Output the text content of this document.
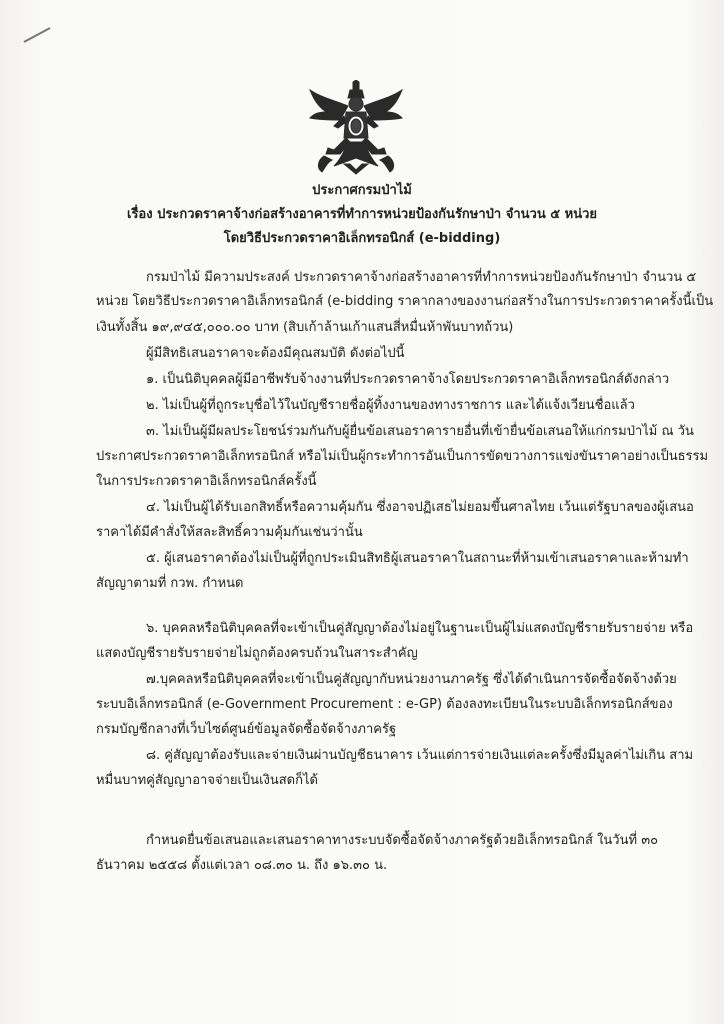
ประกาศกรมป่าไม้
เรื่อง ประกวดราคาจ้างก่อสร้างอาคารที่ทำการหน่วยป้องกันรักษาป่า จำนวน ๕ หน่วย
โดยวิธีประกวดราคาอิเล็กทรอนิกส์ (e-bidding)
กรมป่าไม้ มีความประสงค์ ประกวดราคาจ้างก่อสร้างอาคารที่ทำการหน่วยป้องกันรักษาป่า จำนวน ๕
หน่วย โดยวิธีประกวดราคาอิเล็กทรอนิกส์ (e-bidding ราคากลางของงานก่อสร้างในการประกวดราคาครั้งนี้เป็น
เงินทั้งสิ้น ๑๙,๙๔๕,๐๐๐.๐๐ บาท (สิบเก้าล้านเก้าแสนสี่หมื่นห้าพันบาทถ้วน)
ผู้มีสิทธิเสนอราคาจะต้องมีคุณสมบัติ ดังต่อไปนี้
๑. เป็นนิติบุคคลผู้มีอาชีพรับจ้างงานที่ประกวดราคาจ้างโดยประกวดราคาอิเล็กทรอนิกส์ดังกล่าว
๒. ไม่เป็นผู้ที่ถูกระบุชื่อไว้ในบัญชีรายชื่อผู้ทิ้งงานของทางราชการ และได้แจ้งเวียนชื่อแล้ว
๓. ไม่เป็นผู้มีผลประโยชน์ร่วมกันกับผู้ยื่นข้อเสนอราคารายอื่นที่เข้ายื่นข้อเสนอให้แก่กรมป่าไม้ ณ วัน
ประกาศประกวดราคาอิเล็กทรอนิกส์ หรือไม่เป็นผู้กระทำการอันเป็นการขัดขวางการแข่งขันราคาอย่างเป็นธรรม
ในการประกวดราคาอิเล็กทรอนิกส์ครั้งนี้
๔. ไม่เป็นผู้ได้รับเอกสิทธิ์หรือความคุ้มกัน ซึ่งอาจปฏิเสธไม่ยอมขึ้นศาลไทย เว้นแต่รัฐบาลของผู้เสนอ
ราคาได้มีคำสั่งให้สละสิทธิ์ความคุ้มกันเช่นว่านั้น
๕. ผู้เสนอราคาต้องไม่เป็นผู้ที่ถูกประเมินสิทธิผู้เสนอราคาในสถานะที่ห้ามเข้าเสนอราคาและห้ามทำ
สัญญาตามที่ กวพ. กำหนด
๖. บุคคลหรือนิติบุคคลที่จะเข้าเป็นคู่สัญญาต้องไม่อยู่ในฐานะเป็นผู้ไม่แสดงบัญชีรายรับรายจ่าย หรือ
แสดงบัญชีรายรับรายจ่ายไม่ถูกต้องครบถ้วนในสาระสำคัญ
๗.บุคคลหรือนิติบุคคลที่จะเข้าเป็นคู่สัญญากับหน่วยงานภาครัฐ ซึ่งได้ดำเนินการจัดซื้อจัดจ้างด้วย
ระบบอิเล็กทรอนิกส์ (e-Government Procurement : e-GP) ต้องลงทะเบียนในระบบอิเล็กทรอนิกส์ของ
กรมบัญชีกลางที่เว็บไซต์ศูนย์ข้อมูลจัดซื้อจัดจ้างภาครัฐ
๘. คู่สัญญาต้องรับและจ่ายเงินผ่านบัญชีธนาคาร เว้นแต่การจ่ายเงินแต่ละครั้งซึ่งมีมูลค่าไม่เกิน สาม
หมื่นบาทคู่สัญญาอาจจ่ายเป็นเงินสดก็ได้
กำหนดยื่นข้อเสนอและเสนอราคาทางระบบจัดซื้อจัดจ้างภาครัฐด้วยอิเล็กทรอนิกส์ ในวันที่ ๓๐
ธันวาคม ๒๕๕๘ ตั้งแต่เวลา ๐๘.๓๐ น. ถึง ๑๖.๓๐ น.
